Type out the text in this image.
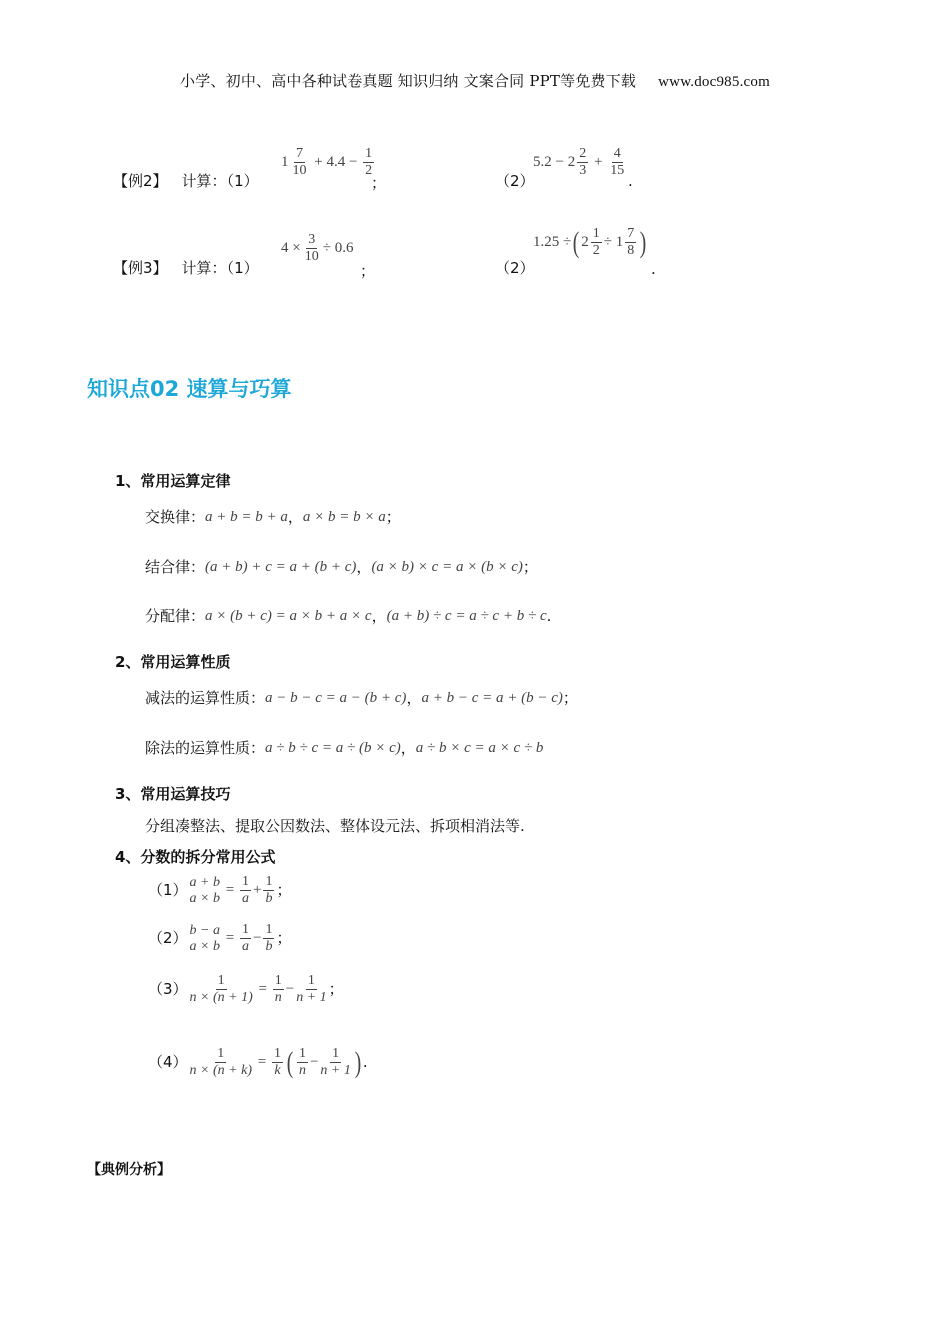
小学、初中、高中各种试卷真题 知识归纳 文案合同 PPT等免费下载 www.doc985.com
【例2】 计算：（1）
$1 \frac{7}{10} + 4.4 - \frac{1}{2}$
；	（2）
$5.2 - 2 \frac{2}{3} + \frac{4}{15}$
.
【例3】 计算：（1）
$4 \times \frac{3}{10} \div 0.6$
；	（2）
1.25 ÷( $2 \frac{1}{2} \div 1 \frac{7}{8}$ )
.
知识点02 速算与巧算
1、常用运算定律
交换律：a + b = b + a，a × b = b × a；
结合律：(a + b) + c = a + (b + c)，(a × b) × c = a × (b × c)；
分配律：a × (b + c) = a × b + a × c，(a + b) ÷ c = a ÷ c + b ÷ c.
2、常用运算性质
减法的运算性质：a − b − c = a − (b + c)，a + b − c = a + (b − c)；
除法的运算性质：a ÷ b ÷ c = a ÷ (b × c)，a ÷ b × c = a × c ÷ b
3、常用运算技巧
分组凑整法、提取公因数法、整体设元法、拆项相消法等.
4、分数的拆分常用公式
（1） a + b
a × b
= $\frac{1}{a} + \frac{1}{b}$ ；
（2） b − a
a × b
= $\frac{1}{a} - \frac{1}{b}$ ；
$(3) \frac{1}{n \times (n + 1)} = \frac{1}{n} - \frac{1}{n + 1}$ ；
$(4) \frac{1}{n \times (n + k)} = \frac{1}{k}$ ( $\frac{1}{n} - \frac{1}{n + 1}$ ) .
【典例分析】
